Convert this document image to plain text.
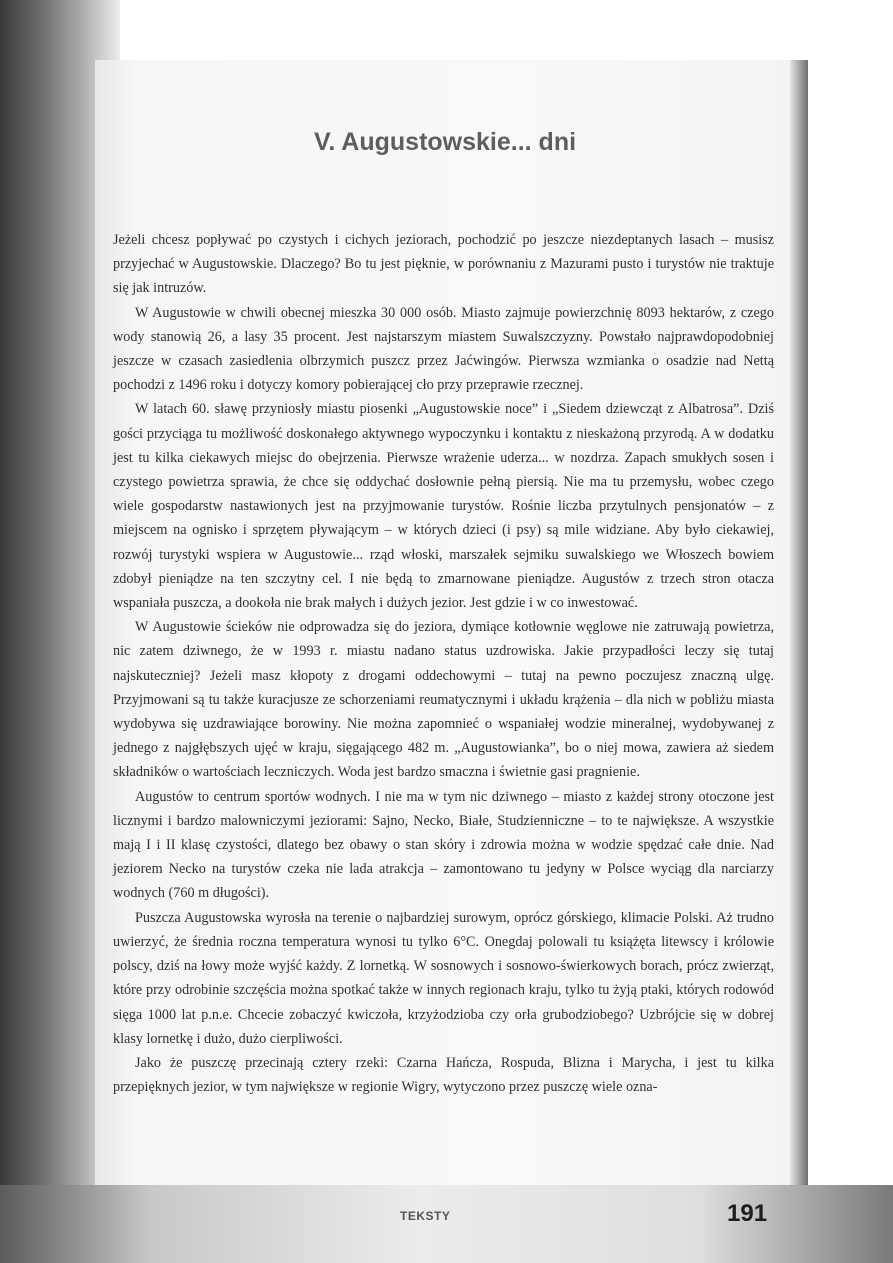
V. Augustowskie... dni

Jeżeli chcesz popływać po czystych i cichych jeziorach, pochodzić po jeszcze niezdeptanych lasach – musisz przyjechać w Augustowskie. Dlaczego? Bo tu jest pięknie, w porównaniu z Mazurami pusto i turystów nie traktuje się jak intruzów.

W Augustowie w chwili obecnej mieszka 30 000 osób. Miasto zajmuje powierzchnię 8093 hektarów, z czego wody stanowią 26, a lasy 35 procent. Jest najstarszym miastem Suwalszczyzny. Powstało najprawdopodobniej jeszcze w czasach zasiedlenia olbrzymich puszcz przez Jaćwingów. Pierwsza wzmianka o osadzie nad Nettą pochodzi z 1496 roku i dotyczy komory pobierającej cło przy przeprawie rzecznej.

W latach 60. sławę przyniosły miastu piosenki „Augustowskie noce” i „Siedem dziewcząt z Albatrosa”. Dziś gości przyciąga tu możliwość doskonałego aktywnego wypoczynku i kontaktu z nieskażoną przyrodą. A w dodatku jest tu kilka ciekawych miejsc do obejrzenia. Pierwsze wrażenie uderza... w nozdrza. Zapach smukłych sosen i czystego powietrza sprawia, że chce się oddychać dosłownie pełną piersią. Nie ma tu przemysłu, wobec czego wiele gospodarstw nastawionych jest na przyjmowanie turystów. Rośnie liczba przytulnych pensjonatów – z miejscem na ognisko i sprzętem pływającym – w których dzieci (i psy) są mile widziane. Aby było ciekawiej, rozwój turystyki wspiera w Augustowie... rząd włoski, marszałek sejmiku suwalskiego we Włoszech bowiem zdobył pieniądze na ten szczytny cel. I nie będą to zmarnowane pieniądze. Augustów z trzech stron otacza wspaniała puszcza, a dookoła nie brak małych i dużych jezior. Jest gdzie i w co inwestować.

W Augustowie ścieków nie odprowadza się do jeziora, dymiące kotłownie węglowe nie zatruwają powietrza, nic zatem dziwnego, że w 1993 r. miastu nadano status uzdrowiska. Jakie przypadłości leczy się tutaj najskuteczniej? Jeżeli masz kłopoty z drogami oddechowymi – tutaj na pewno poczujesz znaczną ulgę. Przyjmowani są tu także kuracjusze ze schorzeniami reumatycznymi i układu krążenia – dla nich w pobliżu miasta wydobywa się uzdrawiające borowiny. Nie można zapomnieć o wspaniałej wodzie mineralnej, wydobywanej z jednego z najgłębszych ujęć w kraju, sięgającego 482 m. „Augustowianka”, bo o niej mowa, zawiera aż siedem składników o wartościach leczniczych. Woda jest bardzo smaczna i świetnie gasi pragnienie.

Augustów to centrum sportów wodnych. I nie ma w tym nic dziwnego – miasto z każdej strony otoczone jest licznymi i bardzo malowniczymi jeziorami: Sajno, Necko, Białe, Studzienniczne – to te największe. A wszystkie mają I i II klasę czystości, dlatego bez obawy o stan skóry i zdrowia można w wodzie spędzać całe dnie. Nad jeziorem Necko na turystów czeka nie lada atrakcja – zamontowano tu jedyny w Polsce wyciąg dla narciarzy wodnych (760 m długości).

Puszcza Augustowska wyrosła na terenie o najbardziej surowym, oprócz górskiego, klimacie Polski. Aż trudno uwierzyć, że średnia roczna temperatura wynosi tu tylko 6°C. Onegdaj polowali tu książęta litewscy i królowie polscy, dziś na łowy może wyjść każdy. Z lornetką. W sosnowych i sosnowo-świerkowych borach, prócz zwierząt, które przy odrobinie szczęścia można spotkać także w innych regionach kraju, tylko tu żyją ptaki, których rodowód sięga 1000 lat p.n.e. Chcecie zobaczyć kwiczoła, krzyżodzioba czy orła grubodziobego? Uzbrójcie się w dobrej klasy lornetkę i dużo, dużo cierpliwości.

Jako że puszczę przecinają cztery rzeki: Czarna Hańcza, Rospuda, Blizna i Marycha, i jest tu kilka przepięknych jezior, w tym największe w regionie Wigry, wytyczono przez puszczę wiele ozna-

TEKSTY	191
